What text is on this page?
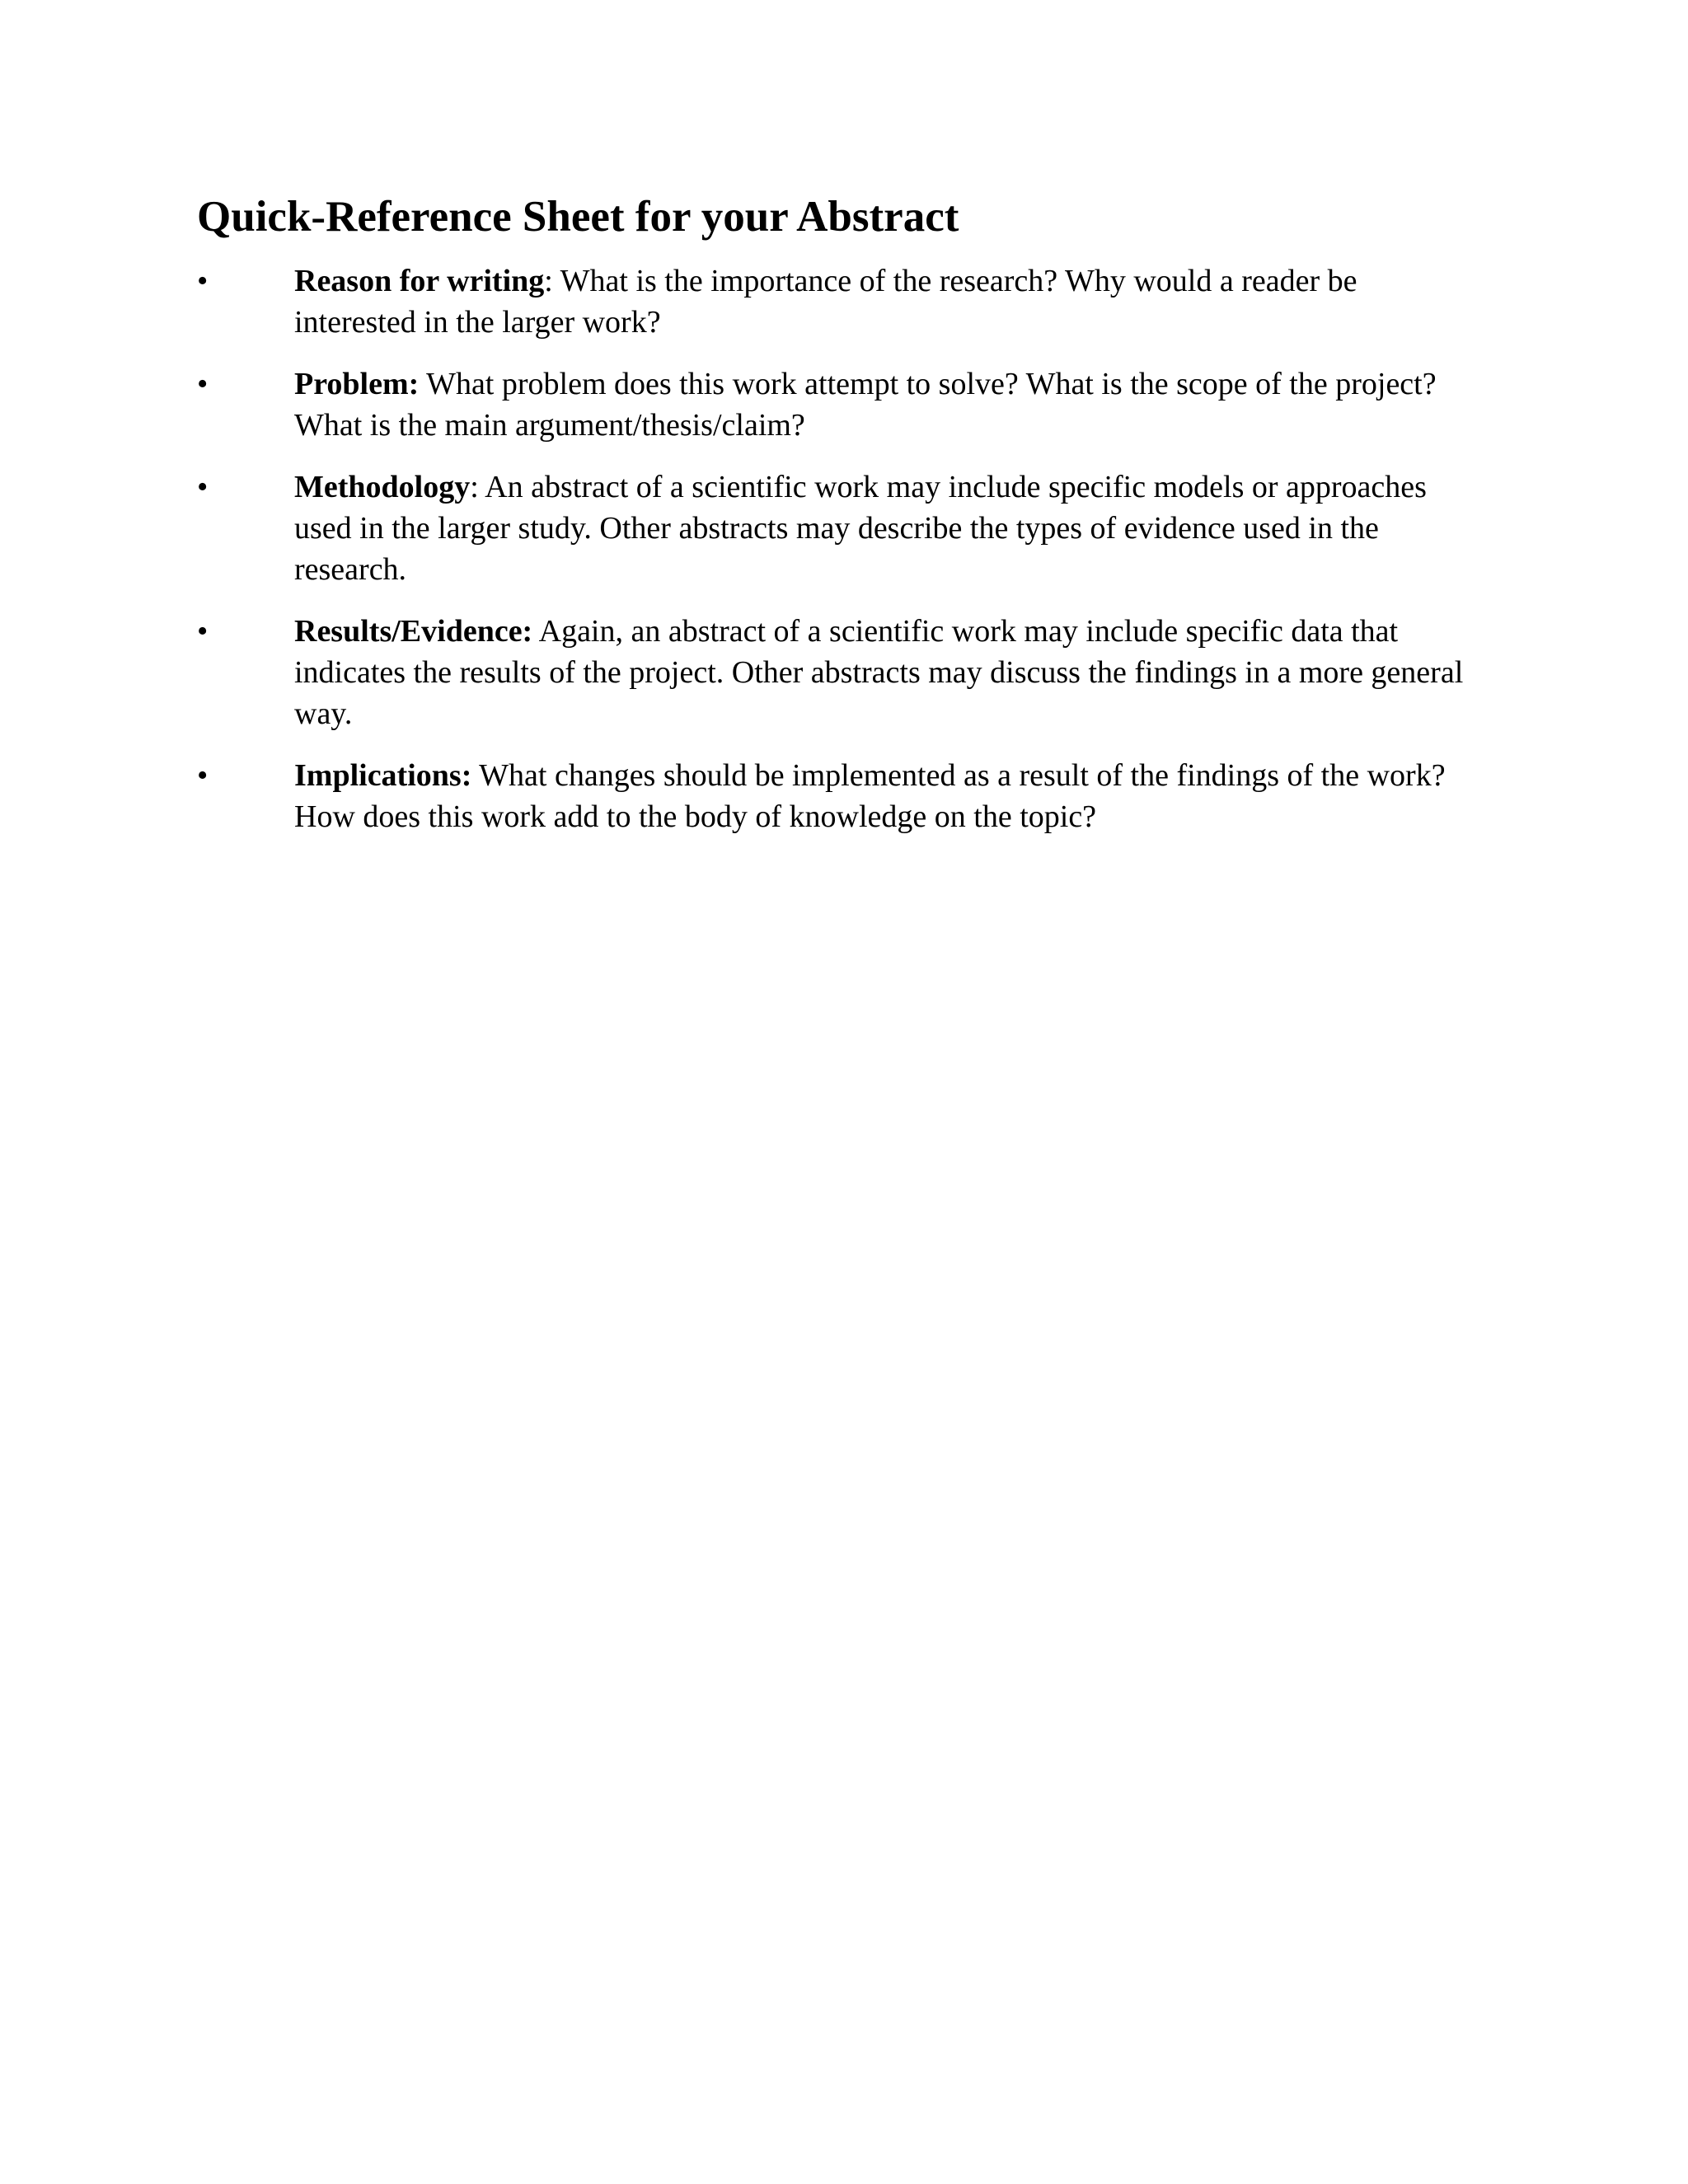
Quick-Reference Sheet for your Abstract
•	Reason for writing: What is the importance of the research? Why would a reader be interested in the larger work?
•	Problem: What problem does this work attempt to solve? What is the scope of the project? What is the main argument/thesis/claim?
•	Methodology: An abstract of a scientific work may include specific models or approaches used in the larger study. Other abstracts may describe the types of evidence used in the research.
•	Results/Evidence: Again, an abstract of a scientific work may include specific data that indicates the results of the project. Other abstracts may discuss the findings in a more general way.
•	Implications: What changes should be implemented as a result of the findings of the work? How does this work add to the body of knowledge on the topic?
